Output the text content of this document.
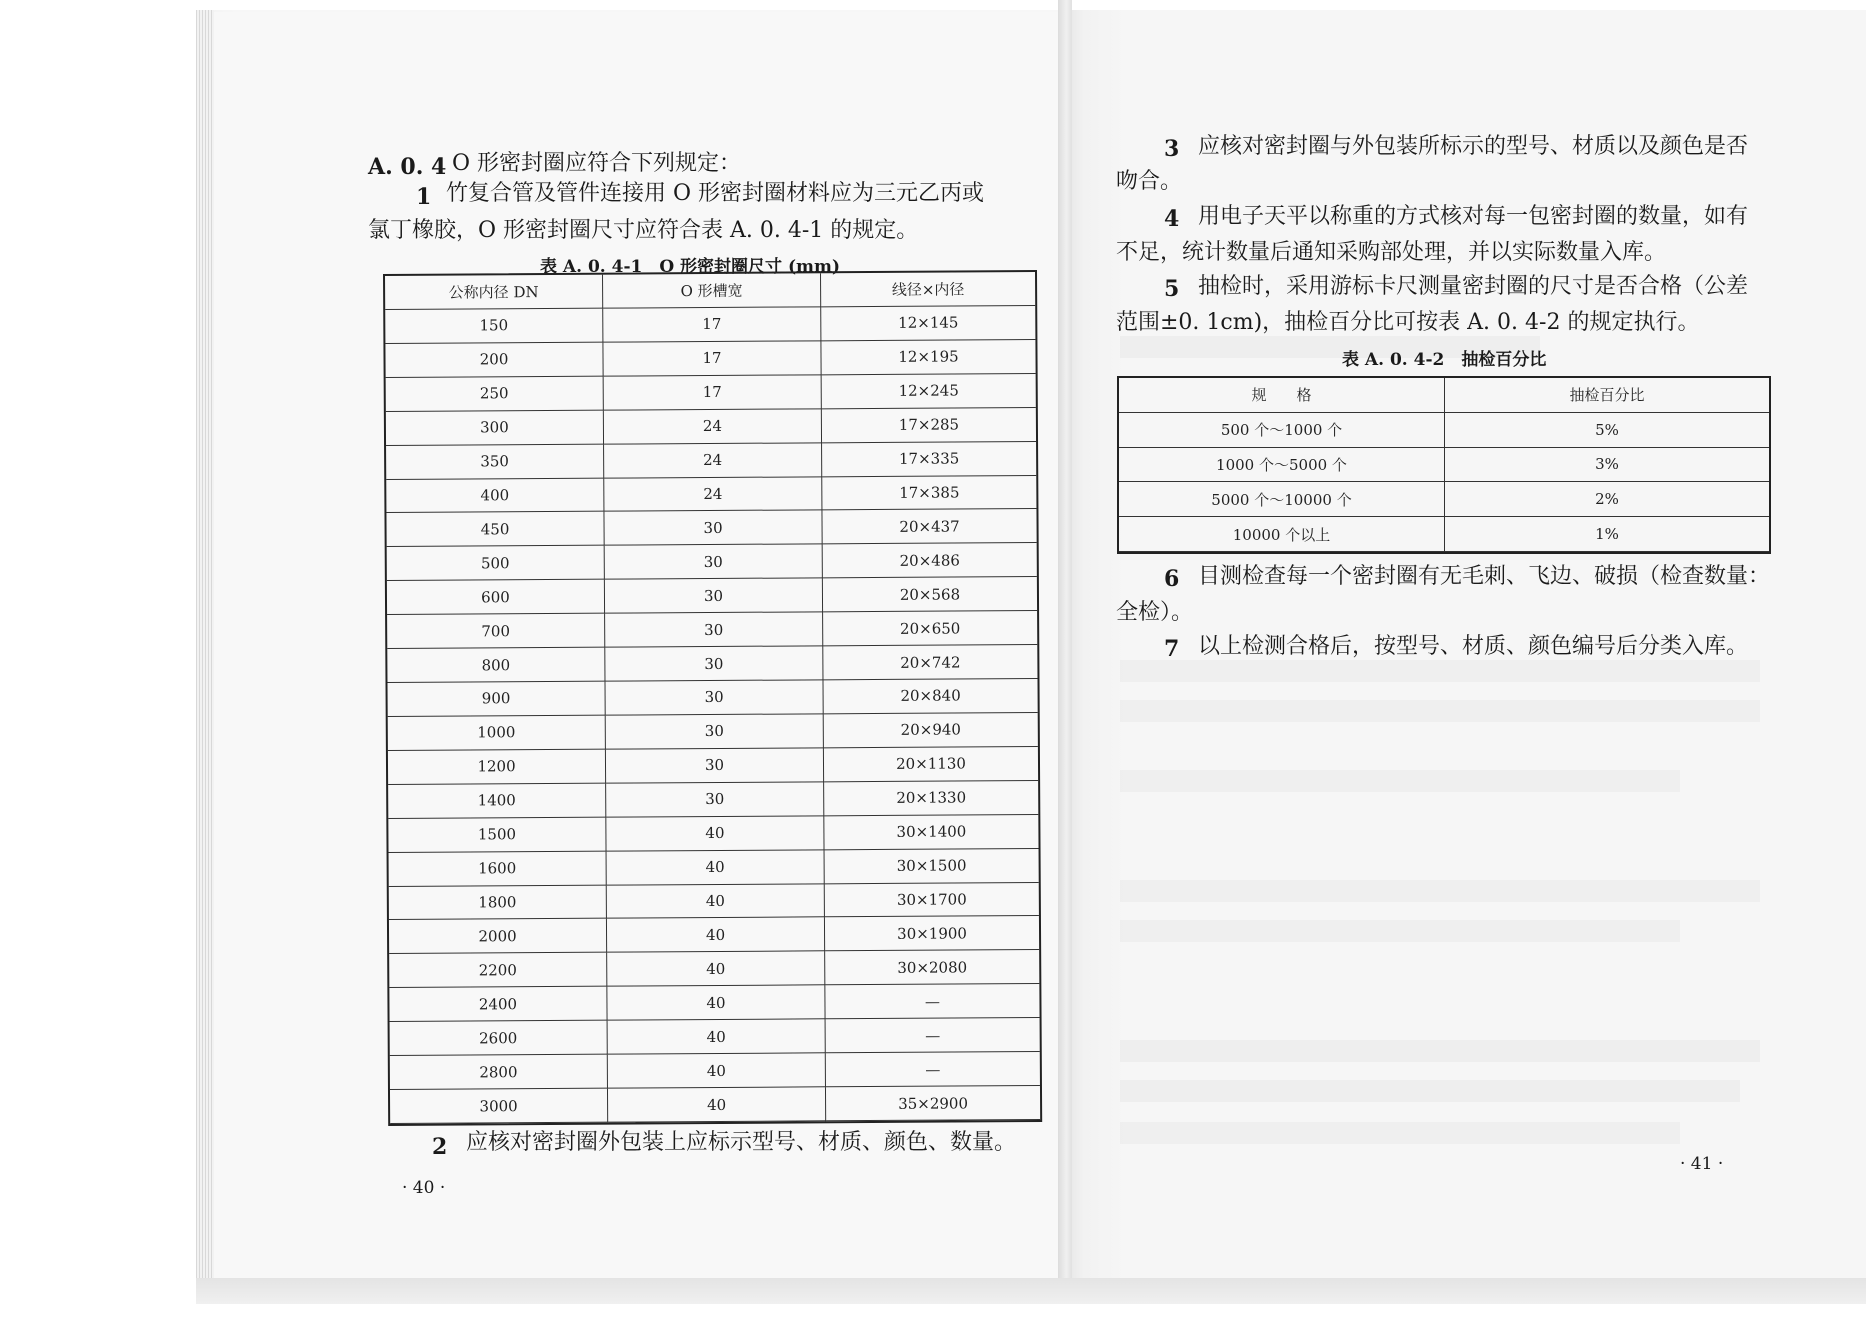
A. 0. 4 O 形密封圈应符合下列规定：
1 竹复合管及管件连接用 O 形密封圈材料应为三元乙丙或
氯丁橡胶，O 形密封圈尺寸应符合表 A. 0. 4-1 的规定。
表 A. 0. 4-1　O 形密封圈尺寸 (mm)
公称内径 DN	O 形槽宽	线径×内径
150	17	12×145
200	17	12×195
250	17	12×245
300	24	17×285
350	24	17×335
400	24	17×385
450	30	20×437
500	30	20×486
600	30	20×568
700	30	20×650
800	30	20×742
900	30	20×840
1000	30	20×940
1200	30	20×1130
1400	30	20×1330
1500	40	30×1400
1600	40	30×1500
1800	40	30×1700
2000	40	30×1900
2200	40	30×2080
2400	40	—
2600	40	—
2800	40	—
3000	40	35×2900
2 应核对密封圈外包装上应标示型号、材质、颜色、数量。
· 40 ·
3 应核对密封圈与外包装所标示的型号、材质以及颜色是否
吻合。
4 用电子天平以称重的方式核对每一包密封圈的数量，如有
不足，统计数量后通知采购部处理，并以实际数量入库。
5 抽检时，采用游标卡尺测量密封圈的尺寸是否合格（公差
范围±0. 1cm)，抽检百分比可按表 A. 0. 4-2 的规定执行。
表 A. 0. 4-2　抽检百分比
规　　格	抽检百分比
500 个～1000 个	5%
1000 个～5000 个	3%
5000 个～10000 个	2%
10000 个以上	1%
6 目测检查每一个密封圈有无毛刺、飞边、破损（检查数量：
全检）。
7 以上检测合格后，按型号、材质、颜色编号后分类入库。
· 41 ·
